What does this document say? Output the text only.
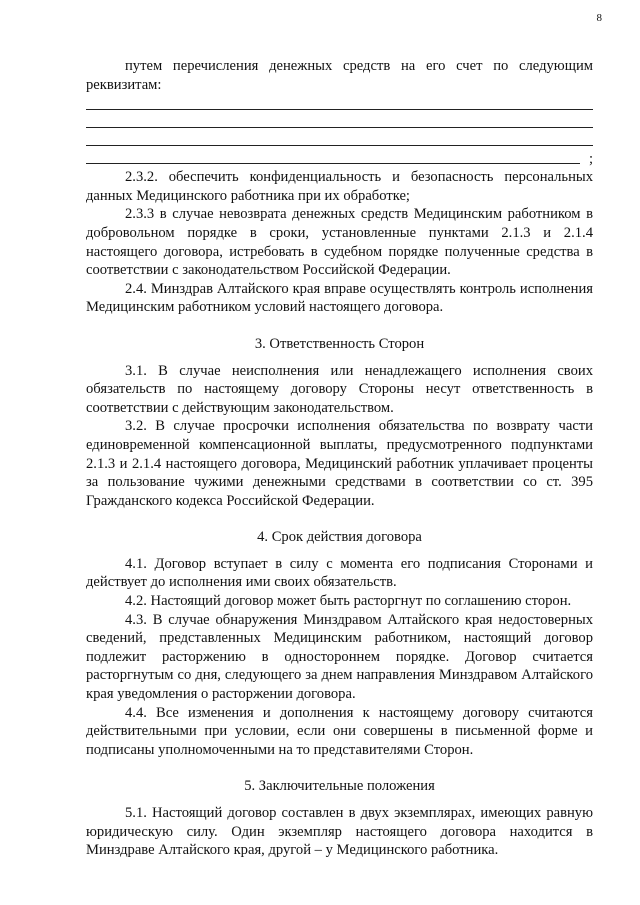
8

путем перечисления денежных средств на его счет по следующим реквизитам:

;

2.3.2. обеспечить конфиденциальность и безопасность персональных данных Медицинского работника при их обработке;

2.3.3 в случае невозврата денежных средств Медицинским работником в добровольном порядке в сроки, установленные пунктами 2.1.3 и 2.1.4 настоящего договора, истребовать в судебном порядке полученные средства в соответствии с законодательством Российской Федерации.

2.4. Минздрав Алтайского края вправе осуществлять контроль исполнения Медицинским работником условий настоящего договора.

3. Ответственность Сторон

3.1. В случае неисполнения или ненадлежащего исполнения своих обязательств по настоящему договору Стороны несут ответственность в соответствии с действующим законодательством.

3.2. В случае просрочки исполнения обязательства по возврату части единовременной компенсационной выплаты, предусмотренного подпунктами 2.1.3 и 2.1.4 настоящего договора, Медицинский работник уплачивает проценты за пользование чужими денежными средствами в соответствии со ст. 395 Гражданского кодекса Российской Федерации.

4. Срок действия договора

4.1. Договор вступает в силу с момента его подписания Сторонами и действует до исполнения ими своих обязательств.

4.2. Настоящий договор может быть расторгнут по соглашению сторон.

4.3. В случае обнаружения Минздравом Алтайского края недостоверных сведений, представленных Медицинским работником, настоящий договор подлежит расторжению в одностороннем порядке. Договор считается расторгнутым со дня, следующего за днем направления Минздравом Алтайского края уведомления о расторжении договора.

4.4. Все изменения и дополнения к настоящему договору считаются действительными при условии, если они совершены в письменной форме и подписаны уполномоченными на то представителями Сторон.

5. Заключительные положения

5.1. Настоящий договор составлен в двух экземплярах, имеющих равную юридическую силу. Один экземпляр настоящего договора находится в Минздраве Алтайского края, другой – у Медицинского работника.
